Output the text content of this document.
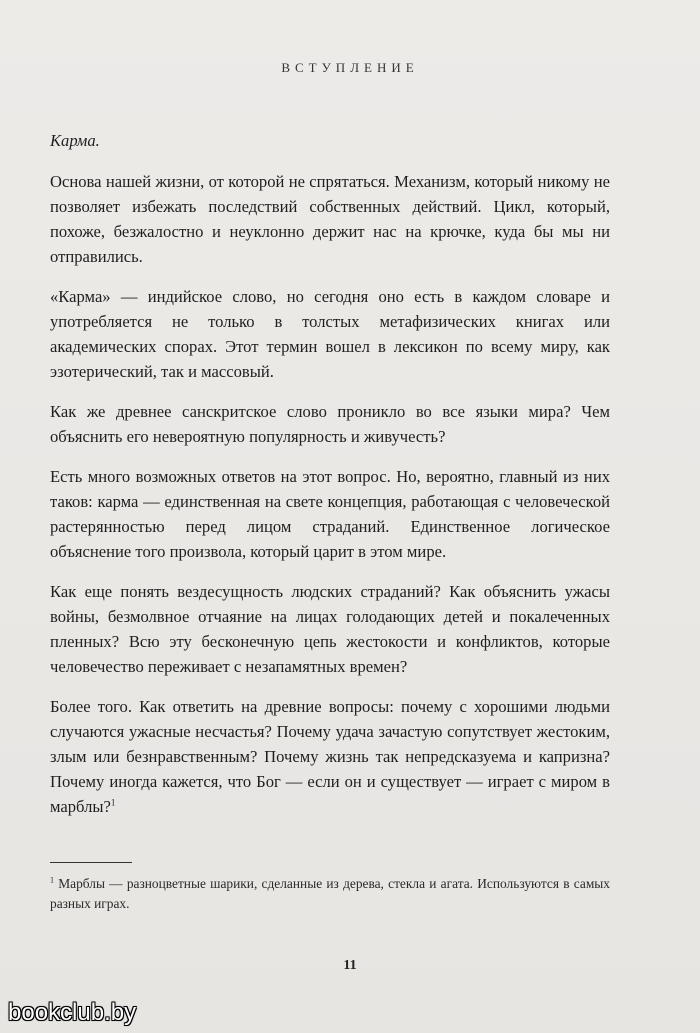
ВСТУПЛЕНИЕ

Карма.

Основа нашей жизни, от которой не спрятаться. Механизм, который никому не позволяет избежать последствий собственных действий. Цикл, который, похоже, безжалостно и неуклонно держит нас на крючке, куда бы мы ни отправились.

«Карма» — индийское слово, но сегодня оно есть в каждом словаре и употребляется не только в толстых метафизических книгах или академических спорах. Этот термин вошел в лексикон по всему миру, как эзотерический, так и массовый.

Как же древнее санскритское слово проникло во все языки мира? Чем объяснить его невероятную популярность и живучесть?

Есть много возможных ответов на этот вопрос. Но, вероятно, главный из них таков: карма — единственная на свете концепция, работающая с человеческой растерянностью перед лицом страданий. Единственное логическое объяснение того произвола, который царит в этом мире.

Как еще понять вездесущность людских страданий? Как объяснить ужасы войны, безмолвное отчаяние на лицах голодающих детей и покалеченных пленных? Всю эту бесконечную цепь жестокости и конфликтов, которые человечество переживает с незапамятных времен?

Более того. Как ответить на древние вопросы: почему с хорошими людьми случаются ужасные несчастья? Почему удача зачастую сопутствует жестоким, злым или безнравственным? Почему жизнь так непредсказуема и капризна? Почему иногда кажется, что Бог — если он и существует — играет с миром в марблы?$^1$

$^1$ Марблы — разноцветные шарики, сделанные из дерева, стекла и агата. Используются в самых разных играх.
11
bookclub.by
